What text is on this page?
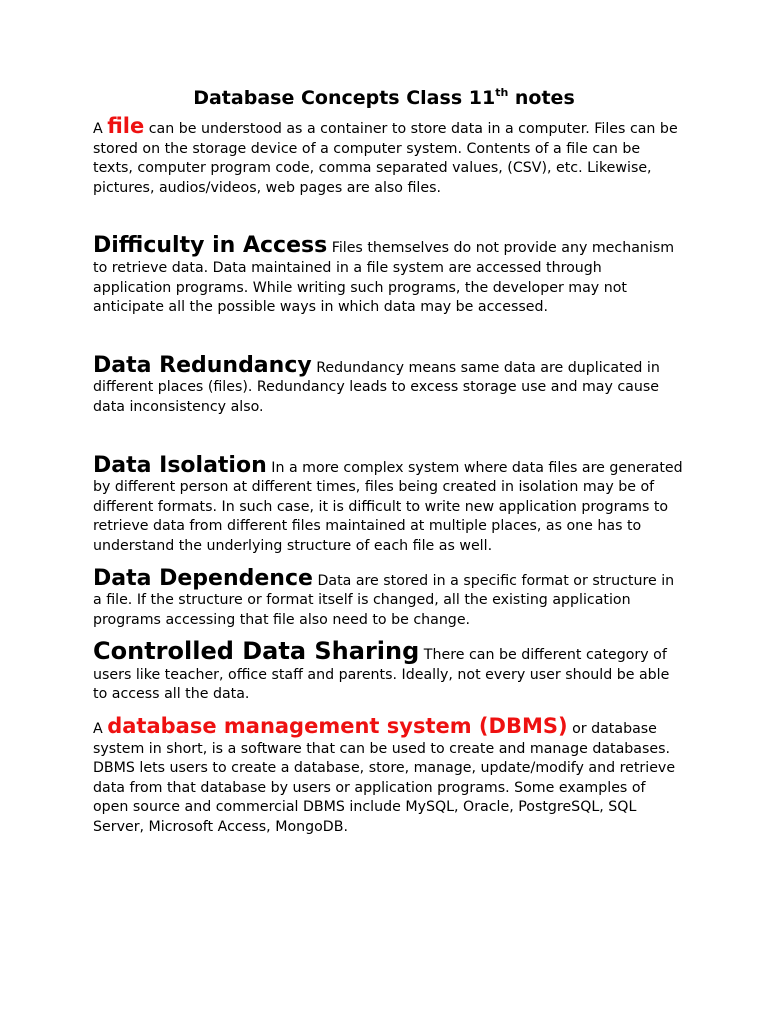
Database Concepts Class 11th notes

A file can be understood as a container to store data in a computer. Files can be stored on the storage device of a computer system. Contents of a file can be texts, computer program code, comma separated values, (CSV), etc. Likewise, pictures, audios/videos, web pages are also files.

Difficulty in Access Files themselves do not provide any mechanism to retrieve data. Data maintained in a file system are accessed through application programs. While writing such programs, the developer may not anticipate all the possible ways in which data may be accessed.

Data Redundancy Redundancy means same data are duplicated in different places (files). Redundancy leads to excess storage use and may cause data inconsistency also.

Data Isolation In a more complex system where data files are generated by different person at different times, files being created in isolation may be of different formats. In such case, it is difficult to write new application programs to retrieve data from different files maintained at multiple places, as one has to understand the underlying structure of each file as well.

Data Dependence Data are stored in a specific format or structure in a file. If the structure or format itself is changed, all the existing application programs accessing that file also need to be change.

Controlled Data Sharing There can be different category of users like teacher, office staff and parents. Ideally, not every user should be able to access all the data.

A database management system (DBMS) or database system in short, is a software that can be used to create and manage databases. DBMS lets users to create a database, store, manage, update/modify and retrieve data from that database by users or application programs. Some examples of open source and commercial DBMS include MySQL, Oracle, PostgreSQL, SQL Server, Microsoft Access, MongoDB.
